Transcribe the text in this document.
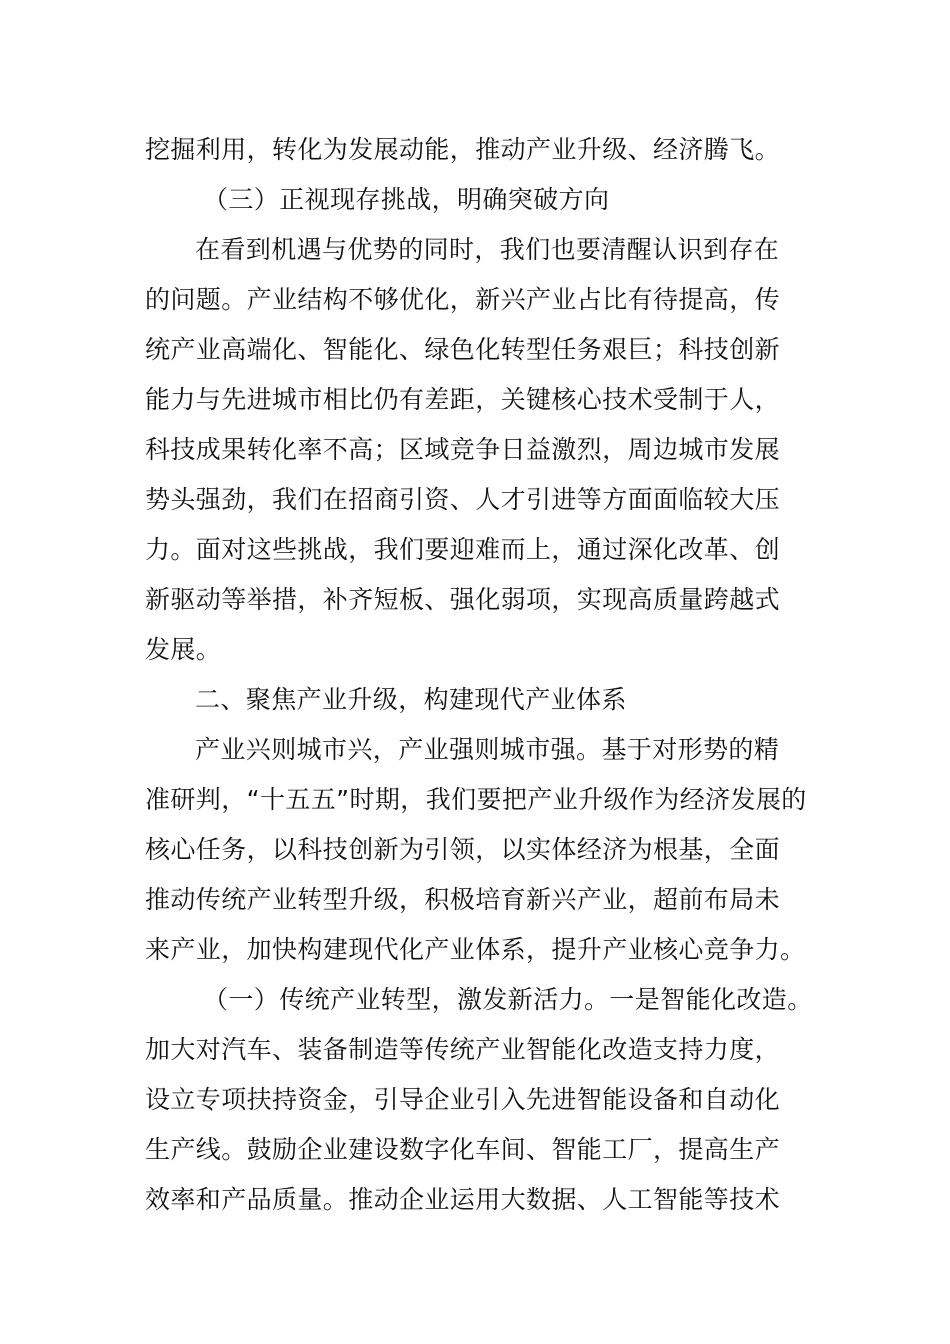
挖掘利用，转化为发展动能，推动产业升级、经济腾飞。
（三）正视现存挑战，明确突破方向
在看到机遇与优势的同时，我们也要清醒认识到存在
的问题。产业结构不够优化，新兴产业占比有待提高，传
统产业高端化、智能化、绿色化转型任务艰巨；科技创新
能力与先进城市相比仍有差距，关键核心技术受制于人，
科技成果转化率不高；区域竞争日益激烈，周边城市发展
势头强劲，我们在招商引资、人才引进等方面面临较大压
力。面对这些挑战，我们要迎难而上，通过深化改革、创
新驱动等举措，补齐短板、强化弱项，实现高质量跨越式
发展。
二、聚焦产业升级，构建现代产业体系
产业兴则城市兴，产业强则城市强。基于对形势的精
准研判，“十五五”时期，我们要把产业升级作为经济发展的
核心任务，以科技创新为引领，以实体经济为根基，全面
推动传统产业转型升级，积极培育新兴产业，超前布局未
来产业，加快构建现代化产业体系，提升产业核心竞争力。
（一）传统产业转型，激发新活力。一是智能化改造。
加大对汽车、装备制造等传统产业智能化改造支持力度，
设立专项扶持资金，引导企业引入先进智能设备和自动化
生产线。鼓励企业建设数字化车间、智能工厂，提高生产
效率和产品质量。推动企业运用大数据、人工智能等技术
